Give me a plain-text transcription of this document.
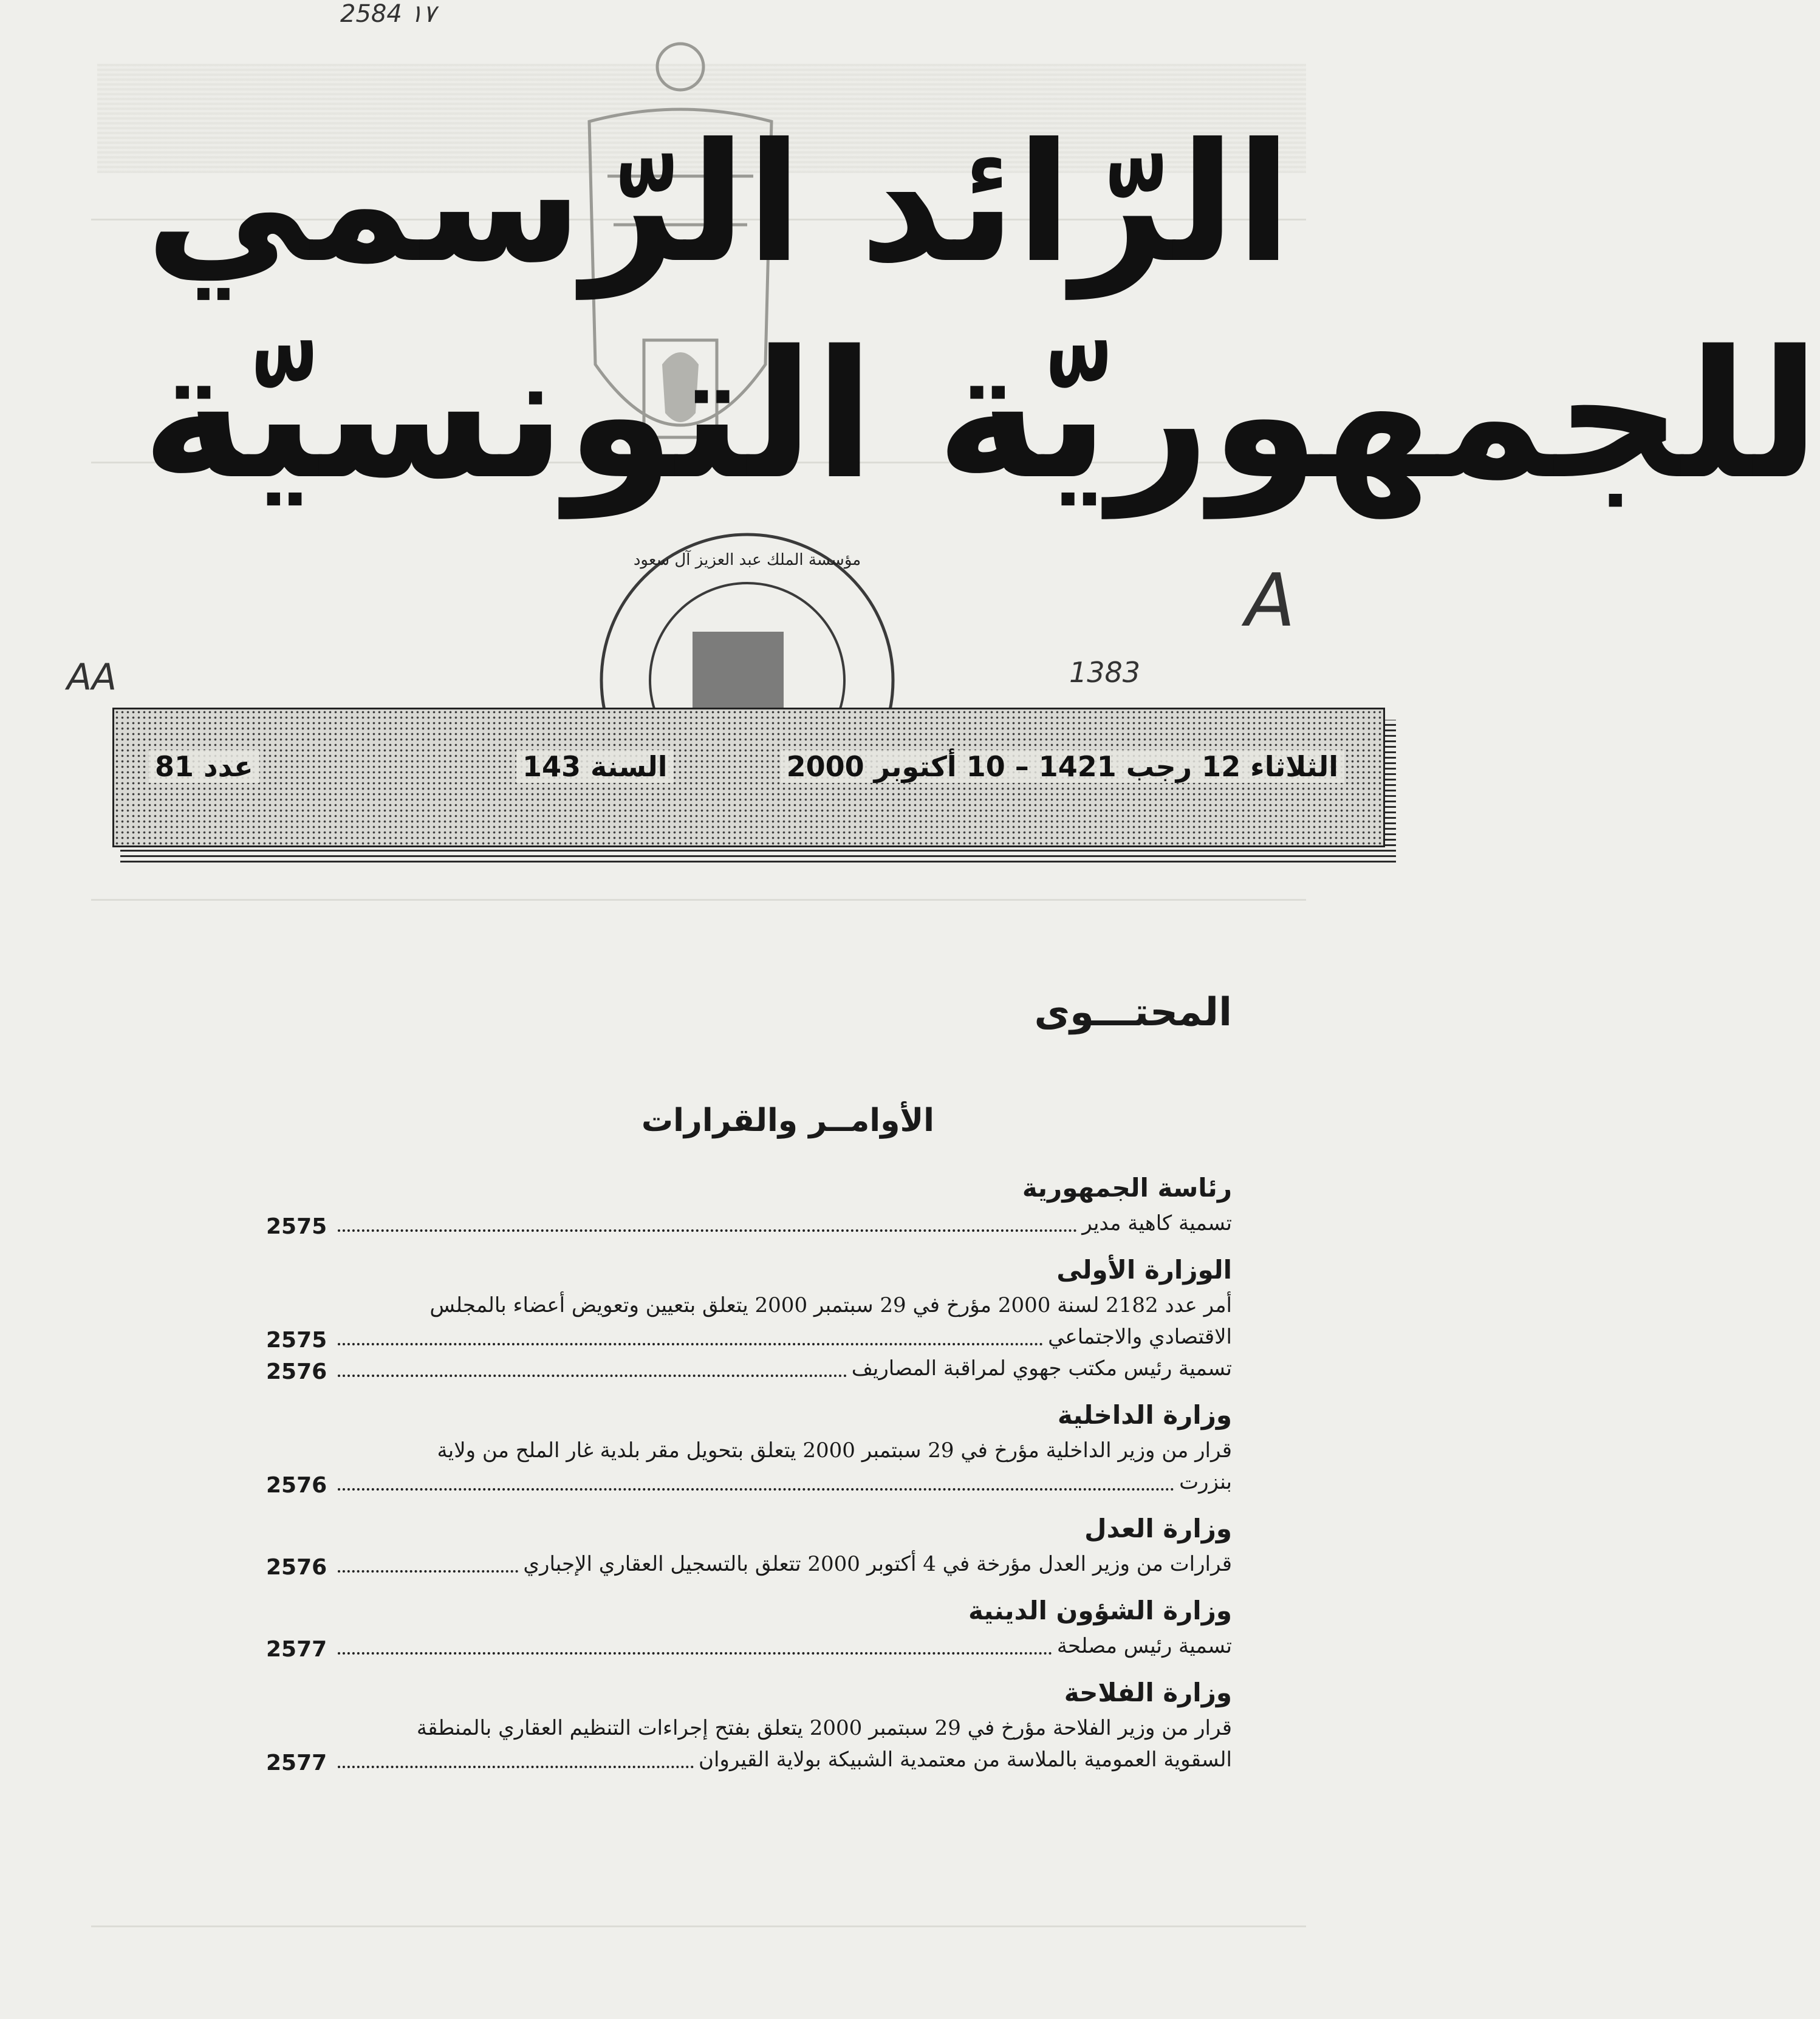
2584 ١٧
AA
A
1383
مؤسسة الملك عبد العزيز آل سعود
الرّائد الرّسمي
للجمهوريّة التونسيّة
الثلاثاء 12 رجب 1421 – 10 أكتوبر 2000
السنة 143
عدد 81
المحتـــوى
الأوامــر والقرارات
رئاسة الجمهورية
تسمية كاهية مدير
2575
الوزارة الأولى
أمر عدد 2182 لسنة 2000 مؤرخ في 29 سبتمبر 2000 يتعلق بتعيين وتعويض أعضاء بالمجلس
الاقتصادي والاجتماعي
2575
تسمية رئيس مكتب جهوي لمراقبة المصاريف
2576
وزارة الداخلية
قرار من وزير الداخلية مؤرخ في 29 سبتمبر 2000 يتعلق بتحويل مقر بلدية غار الملح من ولاية
بنزرت
2576
وزارة العدل
قرارات من وزير العدل مؤرخة في 4 أكتوبر 2000 تتعلق بالتسجيل العقاري الإجباري
2576
وزارة الشؤون الدينية
تسمية رئيس مصلحة
2577
وزارة الفلاحة
قرار من وزير الفلاحة مؤرخ في 29 سبتمبر 2000 يتعلق بفتح إجراءات التنظيم العقاري بالمنطقة
السقوية العمومية بالملاسة من معتمدية الشبيكة بولاية القيروان
2577
